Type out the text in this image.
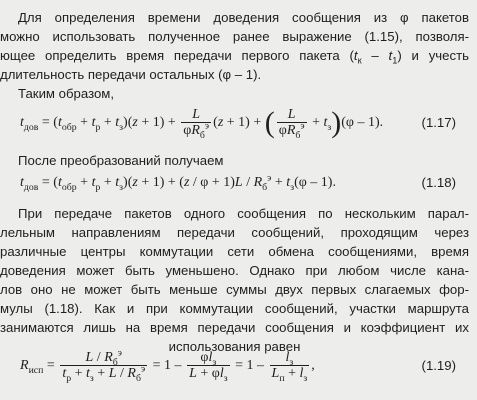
Для определения времени доведения сообщения из φ пакетов
можно использовать полученное ранее выражение (1.15), позволя-
ющее определить время передачи первого пакета $(t_к - t_1)$ и учесть
длительность передачи остальных (φ – 1).
Таким образом,
$t_{дов} = (t_{обр} + t_р + t_з)(z + 1) + \frac{L}{\varphi R_б^э} (z + 1)$ + ( $\frac{L}{\varphi R_б^э} + t_з)(\varphi - 1)$.	(1.17)
После преобразований получаем
$t_{дов} = (t_{обр} + t_р + t_з)(z + 1) + (z / \varphi + 1)L / R_б^э + t_з(\varphi - 1)$.	(1.18)
При передаче пакетов одного сообщения по нескольким парал-
лельным направлениям передачи сообщений, проходящим через
различные центры коммутации сети обмена сообщениями, время
доведения может быть уменьшено. Однако при любом числе кана-
лов оно не может быть меньше суммы двух первых слагаемых фор-
мулы (1.18). Как и при коммутации сообщений, участки маршрута
занимаются лишь на время передачи сообщения и коэффициент их
использования равен
$R_{исп} = \frac{L / R_б^э}{t_р + t_з + L / R_б^э} = 1 - \frac{\varphi l_з}{L + \varphi l_з} = 1 - \frac{l_з}{L_п + l_з}$ ,	(1.19)
